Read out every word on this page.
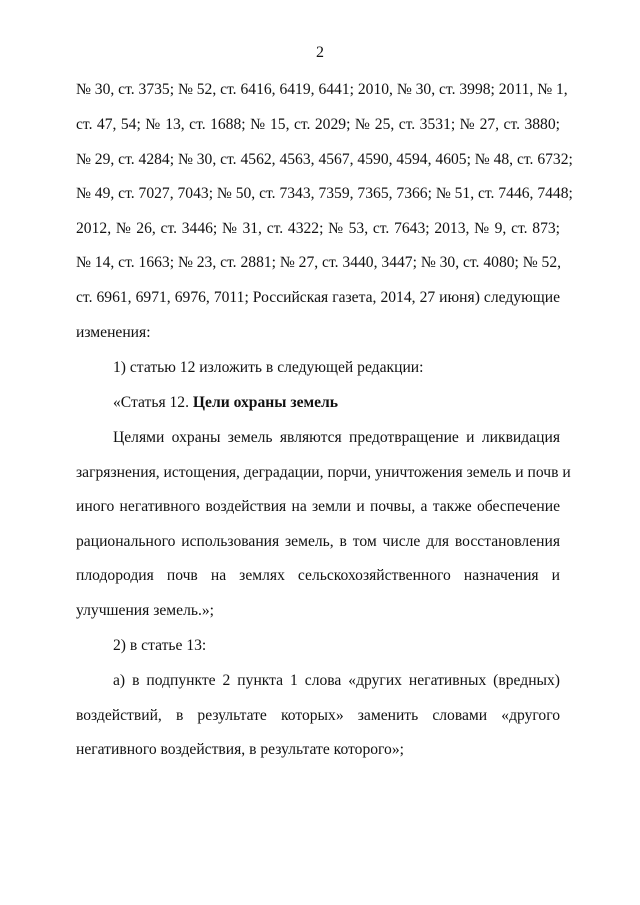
2
№ 30, ст. 3735; № 52, ст. 6416, 6419, 6441; 2010, № 30, ст. 3998; 2011, № 1,
ст. 47, 54; № 13, ст. 1688; № 15, ст. 2029; № 25, ст. 3531; № 27, ст. 3880;
№ 29, ст. 4284; № 30, ст. 4562, 4563, 4567, 4590, 4594, 4605; № 48, ст. 6732;
№ 49, ст. 7027, 7043; № 50, ст. 7343, 7359, 7365, 7366; № 51, ст. 7446, 7448;
2012, № 26, ст. 3446; № 31, ст. 4322; № 53, ст. 7643; 2013, № 9, ст. 873;
№ 14, ст. 1663; № 23, ст. 2881; № 27, ст. 3440, 3447; № 30, ст. 4080; № 52,
ст. 6961, 6971, 6976, 7011; Российская газета, 2014, 27 июня) следующие
изменения:
1) статью 12 изложить в следующей редакции:
«Статья 12. Цели охраны земель
Целями охраны земель являются предотвращение и ликвидация
загрязнения, истощения, деградации, порчи, уничтожения земель и почв и
иного негативного воздействия на земли и почвы, а также обеспечение
рационального использования земель, в том числе для восстановления
плодородия почв на землях сельскохозяйственного назначения и
улучшения земель.»;
2) в статье 13:
а) в подпункте 2 пункта 1 слова «других негативных (вредных)
воздействий, в результате которых» заменить словами «другого
негативного воздействия, в результате которого»;
